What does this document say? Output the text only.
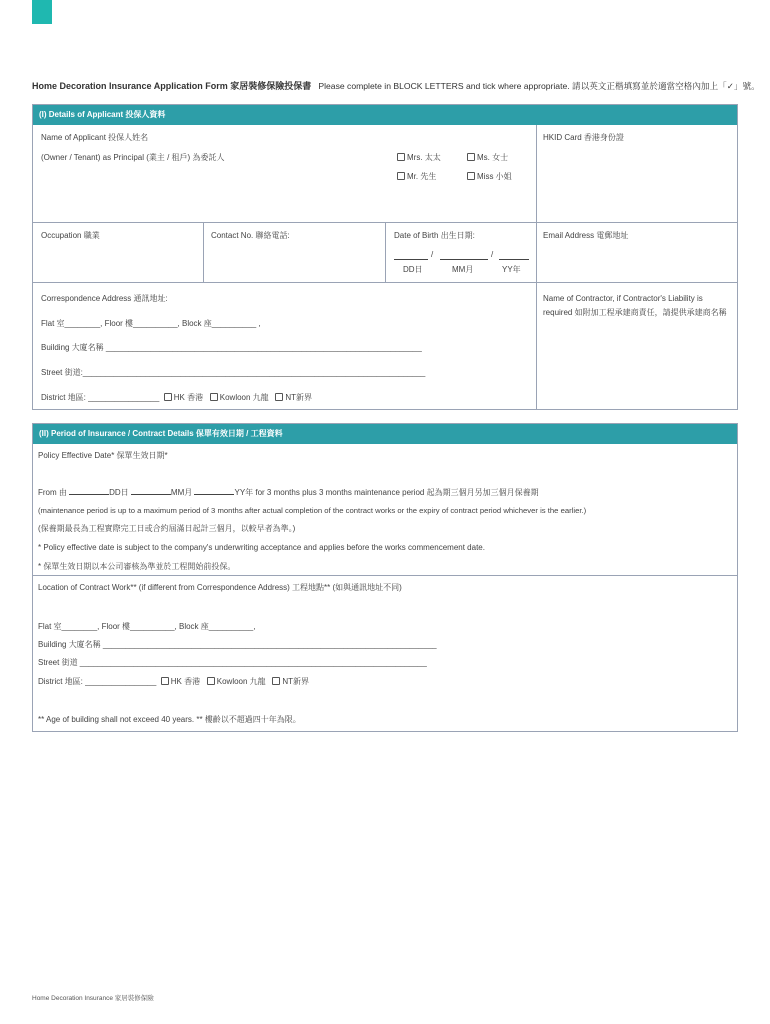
Home Decoration Insurance Application Form 家居裝修保險投保書 Please complete in BLOCK LETTERS and tick where appropriate. 請以英文正楷填寫並於適當空格內加上「✓」號。
(I) Details of Applicant 投保人資料
Name of Applicant 投保人姓名
(Owner / Tenant) as Principal (業主 / 租戶) 為委託人	Mrs. 太太	Ms. 女士
Mr. 先生	Miss 小姐
HKID Card 香港身份證
Occupation 職業	Contact No. 聯絡電話:	Date of Birth 出生日期:
/	/
DD日	MM月	YY年
Email Address 電郵地址
Correspondence Address 通訊地址:
Flat 室________, Floor 樓__________, Block 座__________ ,
Building 大廈名稱 _______________________________________________________________________
Street 街道:_____________________________________________________________________________
District 地區: ________________ HK 香港 Kowloon 九龍 NT新界
Name of Contractor, if Contractor's Liability is required 如附加工程承建商責任，請提供承建商名稱
(II) Period of Insurance / Contract Details 保單有效日期 / 工程資料
Policy Effective Date* 保單生效日期*
From 由	DD日	MM月	YY年 for 3 months plus 3 months maintenance period 起為期三個月另加三個月保養期
(maintenance period is up to a maximum period of 3 months after actual completion of the contract works or the expiry of contract period whichever is the earlier.)
(保養期最長為工程實際完工日或合約屆滿日起計三個月，以較早者為準。)
* Policy effective date is subject to the company's underwriting acceptance and applies before the works commencement date.
* 保單生效日期以本公司審核為準並於工程開始前投保。
Location of Contract Work** (if different from Correspondence Address) 工程地點** (如與通訊地址不同)
Flat 室________, Floor 樓__________, Block 座__________,
Building 大廈名稱 ___________________________________________________________________________
Street 街道 ______________________________________________________________________________
District 地區: ________________ HK 香港 Kowloon 九龍 NT新界
** Age of building shall not exceed 40 years. ** 樓齡以不超過四十年為限。
Home Decoration Insurance 家居裝修保險
